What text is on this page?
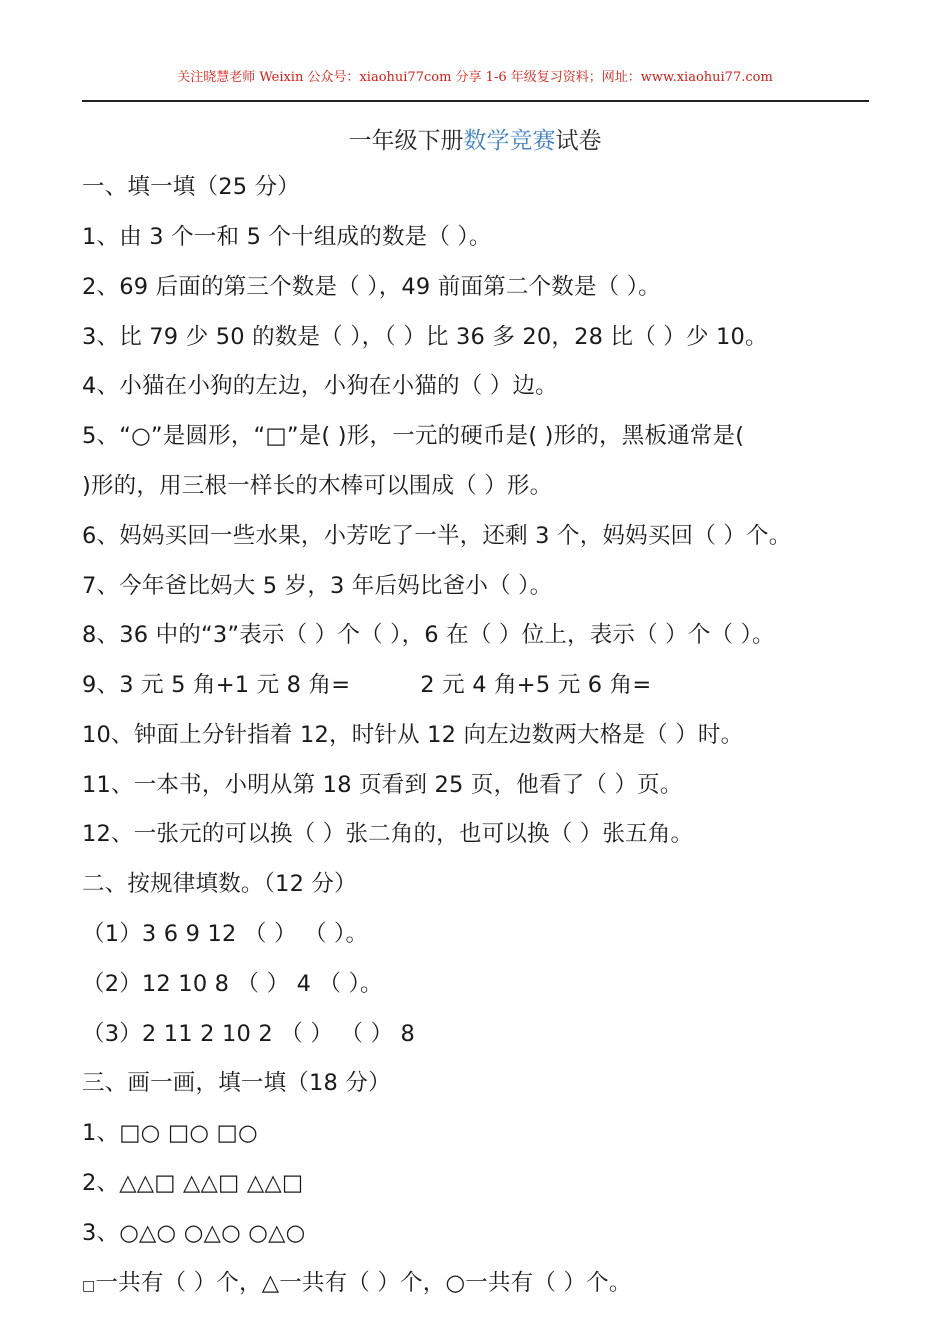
关注晓慧老师 Weixin 公众号：xiaohui77com 分享 1-6 年级复习资料；网址：www.xiaohui77.com
一年级下册数学竞赛试卷
一、填一填（25 分）
1、由 3 个一和 5 个十组成的数是（ ）。
2、69 后面的第三个数是（ ），49 前面第二个数是（ ）。
3、比 79 少 50 的数是（ ），（ ）比 36 多 20，28 比（ ）少 10。
4、小猫在小狗的左边，小狗在小猫的（ ）边。
5、“○”是圆形，“□”是( )形，一元的硬币是( )形的，黑板通常是(
)形的，用三根一样长的木棒可以围成（ ）形。
6、妈妈买回一些水果，小芳吃了一半，还剩 3 个，妈妈买回（ ）个。
7、今年爸比妈大 5 岁，3 年后妈比爸小（ ）。
8、36 中的“3”表示（ ）个（ ），6 在（ ）位上，表示（ ）个（ ）。
9、3 元 5 角+1 元 8 角=	2 元 4 角+5 元 6 角=
10、钟面上分针指着 12，时针从 12 向左边数两大格是（ ）时。
11、一本书，小明从第 18 页看到 25 页，他看了（ ）页。
12、一张元的可以换（ ）张二角的，也可以换（ ）张五角。
二、按规律填数。（12 分）
（1）3 6 9 12 （ ） （ ）。
（2）12 10 8 （ ） 4 （ ）。
（3）2 11 2 10 2 （ ） （ ） 8
三、画一画，填一填（18 分）
1、□○ □○ □○
2、△△□ △△□ △△□
3、○△○ ○△○ ○△○
□一共有（ ）个，△一共有（ ）个，○一共有（ ）个。
